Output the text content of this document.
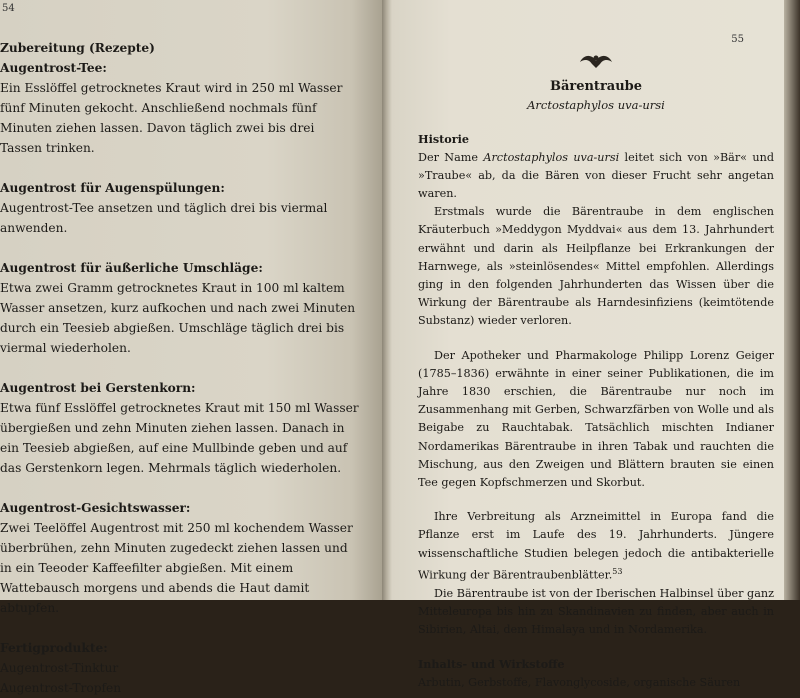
54

Zubereitung (Rezepte)

Augentrost-Tee:

Ein Esslöffel getrocknetes Kraut wird in 250 ml Wasser fünf Minuten gekocht. Anschließend nochmals fünf Minuten ziehen lassen. Davon täglich zwei bis drei Tassen trinken.

Augentrost für Augenspülungen:

Augentrost-Tee ansetzen und täglich drei bis viermal anwenden.

Augentrost für äußerliche Umschläge:

Etwa zwei Gramm getrocknetes Kraut in 100 ml kaltem Wasser ansetzen, kurz aufkochen und nach zwei Minuten durch ein Teesieb abgießen. Umschläge täglich drei bis viermal wiederholen.

Augentrost bei Gerstenkorn:

Etwa fünf Esslöffel getrocknetes Kraut mit 150 ml Wasser übergießen und zehn Minuten ziehen lassen. Danach in ein Teesieb abgießen, auf eine Mullbinde geben und auf das Gerstenkorn legen. Mehrmals täglich wiederholen.

Augentrost-Gesichtswasser:

Zwei Teelöffel Augentrost mit 250 ml kochendem Wasser überbrühen, zehn Minuten zugedeckt ziehen lassen und in ein Teeoder Kaffeefilter abgießen. Mit einem Wattebausch morgens und abends die Haut damit abtupfen.

Fertigprodukte:

Augentrost-Tinktur
Augentrost-Tropfen

55
Bärentraube
Arctostaphylos uva-ursi

Historie

Der Name Arctostaphylos uva-ursi leitet sich von »Bär« und »Traube« ab, da die Bären von dieser Frucht sehr angetan waren.

Erstmals wurde die Bärentraube in dem englischen Kräuterbuch »Meddygon Myddvai« aus dem 13. Jahrhundert erwähnt und darin als Heilpflanze bei Erkrankungen der Harnwege, als »steinlösendes« Mittel empfohlen. Allerdings ging in den folgenden Jahrhunderten das Wissen über die Wirkung der Bärentraube als Harndesinfiziens (keimtötende Substanz) wieder verloren.

Der Apotheker und Pharmakologe Philipp Lorenz Geiger (1785–1836) erwähnte in einer seiner Publikationen, die im Jahre 1830 erschien, die Bärentraube nur noch im Zusammenhang mit Gerben, Schwarzfärben von Wolle und als Beigabe zu Rauchtabak. Tatsächlich mischten Indianer Nordamerikas Bärentraube in ihren Tabak und rauchten die Mischung, aus den Zweigen und Blättern brauten sie einen Tee gegen Kopfschmerzen und Skorbut.

Ihre Verbreitung als Arzneimittel in Europa fand die Pflanze erst im Laufe des 19. Jahrhunderts. Jüngere wissenschaftliche Studien belegen jedoch die antibakterielle Wirkung der Bärentraubenblätter.$^{53}$

Die Bärentraube ist von der Iberischen Halbinsel über ganz Mitteleuropa bis hin zu Skandinavien zu finden, aber auch in Sibirien, Altai, dem Himalaya und in Nordamerika.

Inhalts- und Wirkstoffe

Arbutin, Gerbstoffe, Flavonglycoside, organische Säuren
